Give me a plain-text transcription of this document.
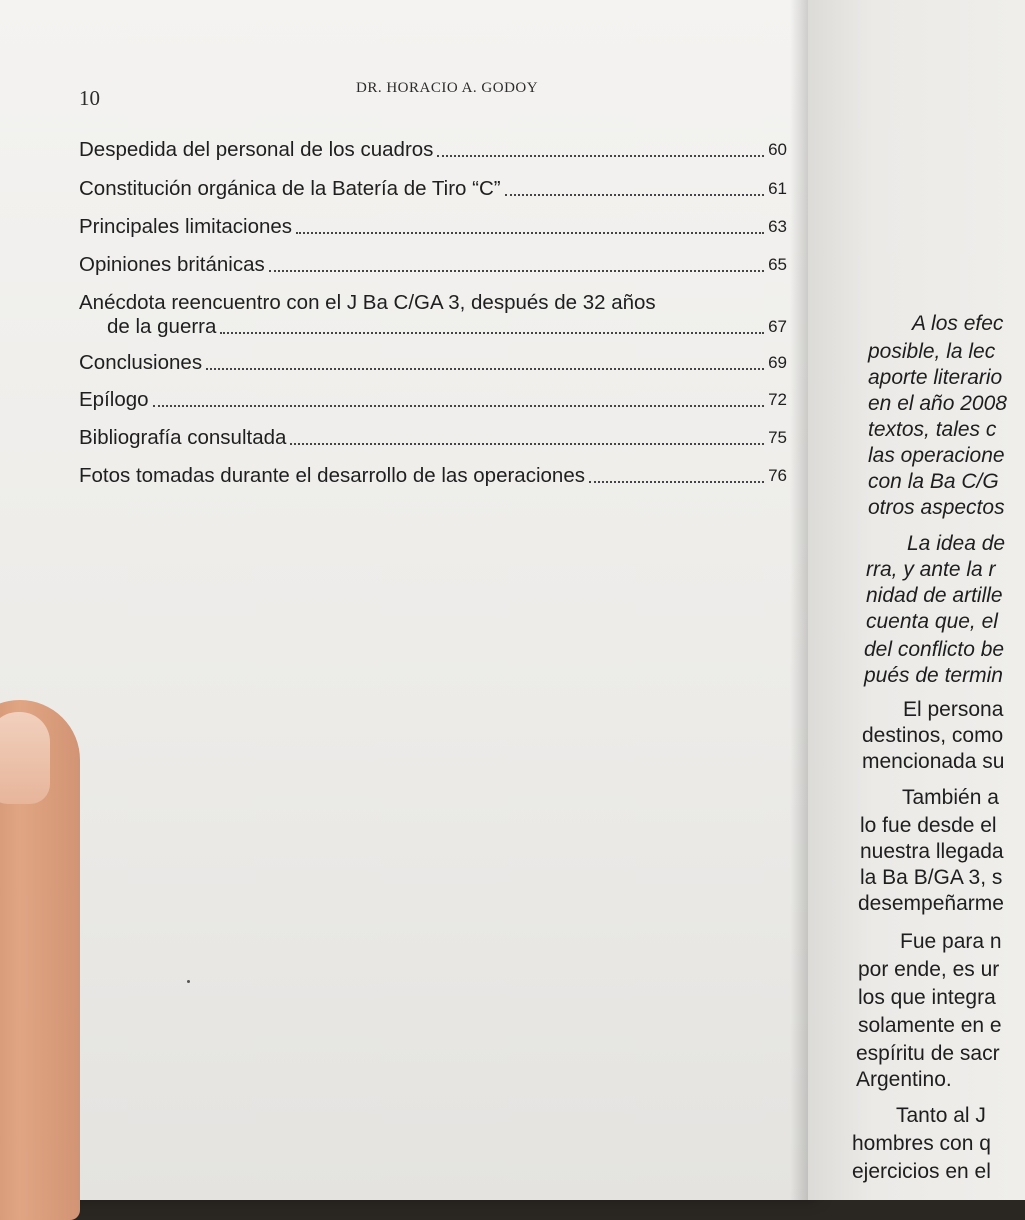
10	DR. HORACIO A. GODOY
Despedida del personal de los cuadros	60
Constitución orgánica de la Batería de Tiro “C”	61
Principales limitaciones	63
Opiniones británicas	65
Anécdota reencuentro con el J Ba C/GA 3, después de 32 años
de la guerra	67
Conclusiones	69
Epílogo	72
Bibliografía consultada	75
Fotos tomadas durante el desarrollo de las operaciones	76
A los efec
posible, la lec
aporte literario
en el año 2008
textos, tales c
las operacione
con la Ba C/G
otros aspectos
La idea de
rra, y ante la r
nidad de artille
cuenta que, el
del conflicto be
pués de termin
El persona
destinos, como
mencionada su
También a
lo fue desde el
nuestra llegada
la Ba B/GA 3, s
desempeñarme
Fue para n
por ende, es ur
los que integra
solamente en e
espíritu de sacr
Argentino.
Tanto al J
hombres con q
ejercicios en el
